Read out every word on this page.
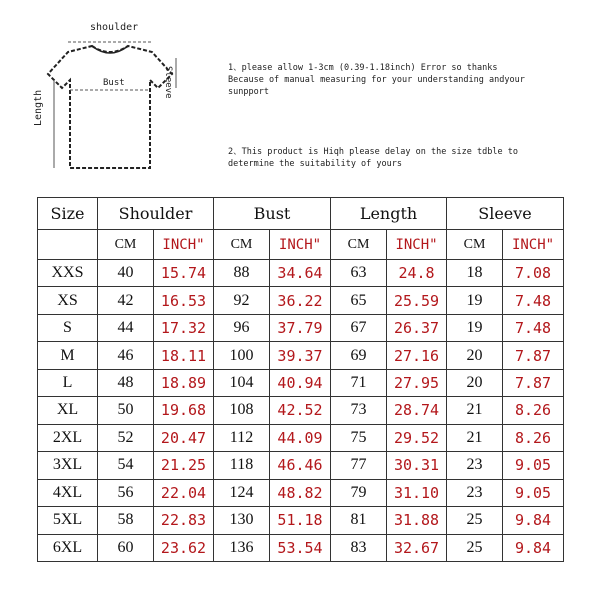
shoulder
Bust	Sleeve
Length

1、please allow 1-3cm (0.39-1.18inch) Error so thanks
Because of manual measuring for your understanding andyour
sunpport

2、This product is Hiqh please delay on the size tdble to
determine the suitability of yours

Size	Shoulder		Bust		Length		Sleeve	
	CM	INCH"	CM	INCH"	CM	INCH"	CM	INCH"
XXS	40	15.74	88	34.64	63	24.8	18	7.08
XS	42	16.53	92	36.22	65	25.59	19	7.48
S	44	17.32	96	37.79	67	26.37	19	7.48
M	46	18.11	100	39.37	69	27.16	20	7.87
L	48	18.89	104	40.94	71	27.95	20	7.87
XL	50	19.68	108	42.52	73	28.74	21	8.26
2XL	52	20.47	112	44.09	75	29.52	21	8.26
3XL	54	21.25	118	46.46	77	30.31	23	9.05
4XL	56	22.04	124	48.82	79	31.10	23	9.05
5XL	58	22.83	130	51.18	81	31.88	25	9.84
6XL	60	23.62	136	53.54	83	32.67	25	9.84
